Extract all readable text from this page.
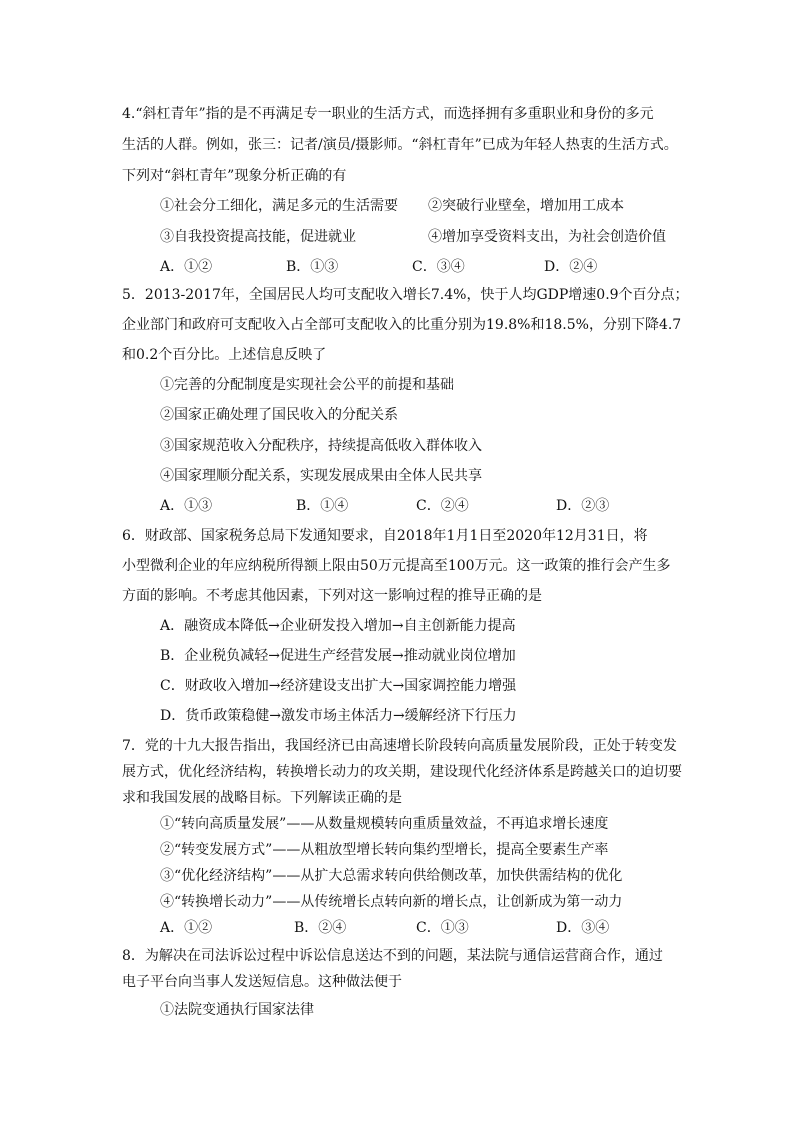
4.“斜杠青年”指的是不再满足专一职业的生活方式，而选择拥有多重职业和身份的多元
生活的人群。例如，张三：记者/演员/摄影师。“斜杠青年”已成为年轻人热衷的生活方式。
下列对“斜杠青年”现象分析正确的有
①社会分工细化，满足多元的生活需要 ②突破行业壁垒，增加用工成本
③自我投资提高技能，促进就业	④增加享受资料支出，为社会创造价值
A．①②	B．①③	C．③④	D．②④
5．2013-2017年，全国居民人均可支配收入增长7.4%，快于人均GDP增速0.9个百分点；
企业部门和政府可支配收入占全部可支配收入的比重分别为19.8%和18.5%，分别下降4.7
和0.2个百分比。上述信息反映了
①完善的分配制度是实现社会公平的前提和基础
②国家正确处理了国民收入的分配关系
③国家规范收入分配秩序，持续提高低收入群体收入
④国家理顺分配关系，实现发展成果由全体人民共享
A．①③	B．①④	C．②④	D．②③
6．财政部、国家税务总局下发通知要求，自2018年1月1日至2020年12月31日，将
小型微利企业的年应纳税所得额上限由50万元提高至100万元。这一政策的推行会产生多
方面的影响。不考虑其他因素，下列对这一影响过程的推导正确的是
A．融资成本降低→企业研发投入增加→自主创新能力提高
B．企业税负减轻→促进生产经营发展→推动就业岗位增加
C．财政收入增加→经济建设支出扩大→国家调控能力增强
D．货币政策稳健→激发市场主体活力→缓解经济下行压力
7．党的十九大报告指出，我国经济已由高速增长阶段转向高质量发展阶段，正处于转变发
展方式，优化经济结构，转换增长动力的攻关期，建设现代化经济体系是跨越关口的迫切要
求和我国发展的战略目标。下列解读正确的是
①“转向高质量发展”——从数量规模转向重质量效益，不再追求增长速度
②“转变发展方式”——从粗放型增长转向集约型增长，提高全要素生产率
③“优化经济结构”——从扩大总需求转向供给侧改革，加快供需结构的优化
④“转换增长动力”——从传统增长点转向新的增长点，让创新成为第一动力
A．①②	B．②④	C．①③	D．③④
8．为解决在司法诉讼过程中诉讼信息送达不到的问题，某法院与通信运营商合作，通过
电子平台向当事人发送短信息。这种做法便于
①法院变通执行国家法律
